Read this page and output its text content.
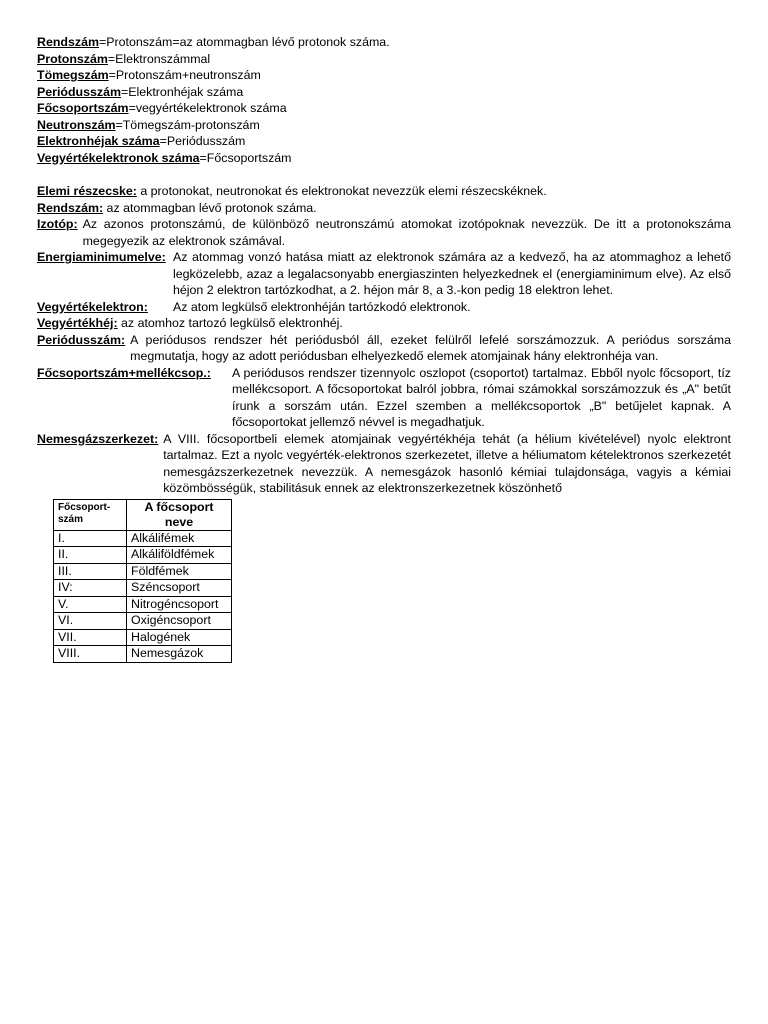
Rendszám=Protonszám=az atommagban lévő protonok száma.
Protonszám=Elektronszámmal
Tömegszám=Protonszám+neutronszám
Periódusszám=Elektronhéjak száma
Főcsoportszám=vegyértékelektronok száma
Neutronszám=Tömegszám-protonszám
Elektronhéjak száma=Periódusszám
Vegyértékelektronok száma=Főcsoportszám
Elemi részecske: a protonokat, neutronokat és elektronokat nevezzük elemi részecskéknek.
Rendszám: az atommagban lévő protonok száma.
Izotóp: Az azonos protonszámú, de különböző neutronszámú atomokat izotópoknak nevezzük. De itt a protonokszáma megegyezik az elektronok számával.
Energiaminimumelve: Az atommag vonzó hatása miatt az elektronok számára az a kedvező, ha az atommaghoz a lehető legközelebb, azaz a legalacsonyabb energiaszinten helyezkednek el (energiaminimum elve). Az első héjon 2 elektron tartózkodhat, a 2. héjon már 8, a 3.-kon pedig 18 elektron lehet.
Vegyértékelektron:	Az atom legkülső elektronhéján tartózkodó elektronok.
Vegyértékhéj: az atomhoz tartozó legkülső elektronhéj.
Periódusszám: A periódusos rendszer hét periódusból áll, ezeket felülről lefelé sorszámozzuk. A periódus sorszáma megmutatja, hogy az adott periódusban elhelyezkedő elemek atomjainak hány elektronhéja van.
Főcsoportszám+mellékcsop.:	A periódusos rendszer tizennyolc oszlopot (csoportot) tartalmaz. Ebből nyolc főcsoport, tíz mellékcsoport. A főcsoportokat balról jobbra, római számokkal sorszámozzuk és „A" betűt írunk a sorszám után. Ezzel szemben a mellékcsoportok „B" betűjelet kapnak. A főcsoportokat jellemző névvel is megadhatjuk.
Nemesgázszerkezet: A VIII. főcsoportbeli elemek atomjainak vegyértékhéja tehát (a hélium kivételével) nyolc elektront tartalmaz. Ezt a nyolc vegyérték-elektronos szerkezetet, illetve a héliumatom kételektronos szerkezetét nemesgázszerkezetnek nevezzük. A nemesgázok hasonló kémiai tulajdonsága, vagyis a kémiai közömbösségük, stabilitásuk ennek az elektronszerkezetnek köszönhető
Főcsoport-szám	A főcsoport neve
I.	Alkálifémek
II.	Alkáliföldfémek
III.	Földfémek
IV:	Széncsoport
V.	Nitrogéncsoport
VI.	Oxigéncsoport
VII.	Halogének
VIII.	Nemesgázok
